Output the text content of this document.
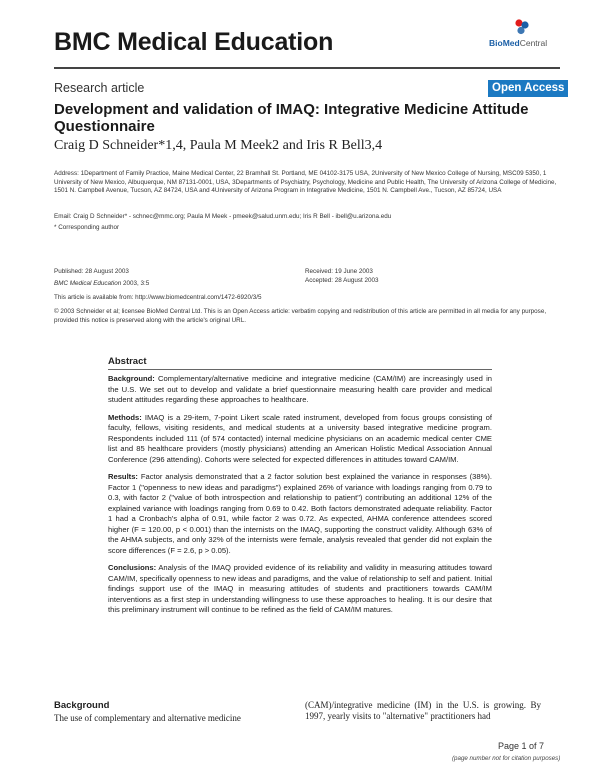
BMC Medical Education	BioMedCentral
Research article	Open Access
Development and validation of IMAQ: Integrative Medicine Attitude Questionnaire
Craig D Schneider*1,4, Paula M Meek2 and Iris R Bell3,4
Address: 1Department of Family Practice, Maine Medical Center, 22 Bramhall St. Portland, ME 04102-3175 USA, 2University of New Mexico College of Nursing, MSC09 5350, 1 University of New Mexico, Albuquerque, NM 87131-0001, USA, 3Departments of Psychiatry, Psychology, Medicine and Public Health, The University of Arizona College of Medicine, 1501 N. Campbell Avenue, Tucson, AZ 84724, USA and 4University of Arizona Program in Integrative Medicine, 1501 N. Campbell Ave., Tucson, AZ 85724, USA
Email: Craig D Schneider* - schnec@mmc.org; Paula M Meek - pmeek@salud.unm.edu; Iris R Bell - ibell@u.arizona.edu
* Corresponding author
Published: 28 August 2003	Received: 19 June 2003
BMC Medical Education 2003, 3:5	Accepted: 28 August 2003
This article is available from: http://www.biomedcentral.com/1472-6920/3/5
© 2003 Schneider et al; licensee BioMed Central Ltd. This is an Open Access article: verbatim copying and redistribution of this article are permitted in all media for any purpose, provided this notice is preserved along with the article's original URL.
Abstract

Background: Complementary/alternative medicine and integrative medicine (CAM/IM) are increasingly used in the U.S. We set out to develop and validate a brief questionnaire measuring health care provider and medical student attitudes regarding these approaches to healthcare.

Methods: IMAQ is a 29-item, 7-point Likert scale rated instrument, developed from focus groups consisting of faculty, fellows, visiting residents, and medical students at a university based integrative medicine program. Respondents included 111 (of 574 contacted) internal medicine physicians on an academic medical center CME list and 85 healthcare providers (mostly physicians) attending an American Holistic Medical Association Annual Conference (296 attending). Cohorts were selected for expected differences in attitudes toward CAM/IM.

Results: Factor analysis demonstrated that a 2 factor solution best explained the variance in responses (38%). Factor 1 ("openness to new ideas and paradigms") explained 26% of variance with loadings ranging from 0.79 to 0.3, with factor 2 ("value of both introspection and relationship to patient") contributing an additional 12% of the explained variance with loadings ranging from 0.69 to 0.42. Both factors demonstrated adequate reliability. Factor 1 had a Cronbach's alpha of 0.91, while factor 2 was 0.72. As expected, AHMA conference attendees scored higher (F = 120.00, p < 0.001) than the internists on the IMAQ, supporting the construct validity. Although 63% of the AHMA subjects, and only 32% of the internists were female, analysis revealed that gender did not explain the score differences (F = 2.6, p > 0.05).

Conclusions: Analysis of the IMAQ provided evidence of its reliability and validity in measuring attitudes toward CAM/IM, specifically openness to new ideas and paradigms, and the value of relationship to self and patient. Initial findings support use of the IMAQ in measuring attitudes of students and practitioners towards CAM/IM interventions as a first step in understanding willingness to use these approaches to healing. It is our desire that this preliminary instrument will continue to be refined as the field of CAM/IM matures.

Background
The use of complementary and alternative medicine
(CAM)/integrative medicine (IM) in the U.S. is growing. By 1997, yearly visits to "alternative" practitioners had
Page 1 of 7
(page number not for citation purposes)
